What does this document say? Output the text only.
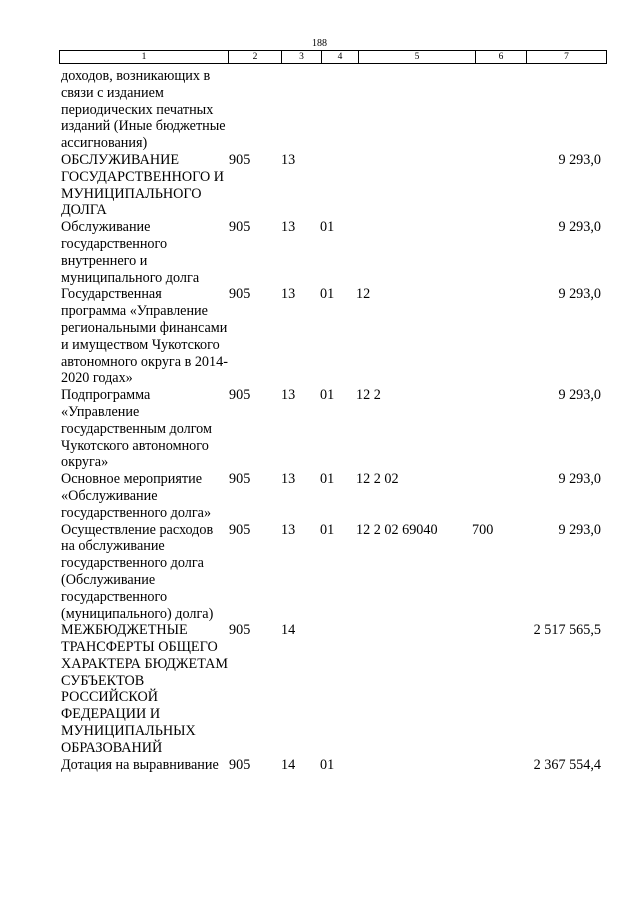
188
1	2	3	4	5	6	7
доходов, возникающих в связи с изданием периодических печатных изданий (Иные бюджетные ассигнования)						
ОБСЛУЖИВАНИЕ ГОСУДАРСТВЕННОГО И МУНИЦИПАЛЬНОГО ДОЛГА	905	13				9 293,0
Обслуживание государственного внутреннего и муниципального долга	905	13	01			9 293,0
Государственная программа «Управление региональными финансами и имуществом Чукотского автономного округа в 2014-2020 годах»	905	13	01	12		9 293,0
Подпрограмма «Управление государственным долгом Чукотского автономного округа»	905	13	01	12 2		9 293,0
Основное мероприятие «Обслуживание государственного долга»	905	13	01	12 2 02		9 293,0
Осуществление расходов на обслуживание государственного долга (Обслуживание государственного (муниципального) долга)	905	13	01	12 2 02 69040	700	9 293,0
МЕЖБЮДЖЕТНЫЕ ТРАНСФЕРТЫ ОБЩЕГО ХАРАКТЕРА БЮДЖЕТАМ СУБЪЕКТОВ РОССИЙСКОЙ ФЕДЕРАЦИИ И МУНИЦИПАЛЬНЫХ ОБРАЗОВАНИЙ	905	14				2 517 565,5
Дотация на выравнивание	905	14	01			2 367 554,4
